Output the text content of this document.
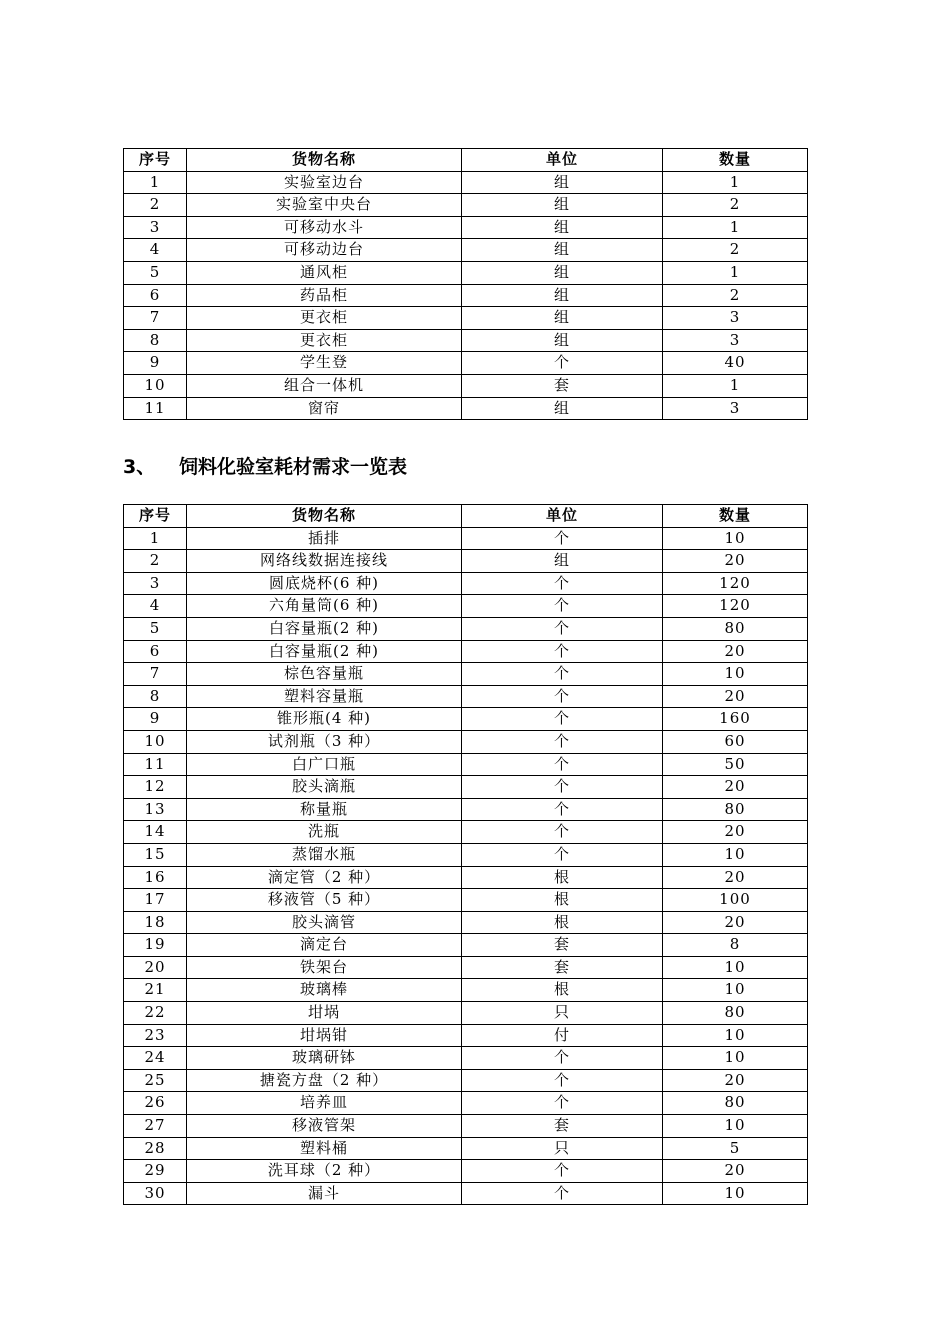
序号	货物名称	单位	数量
1	实验室边台	组	1
2	实验室中央台	组	2
3	可移动水斗	组	1
4	可移动边台	组	2
5	通风柜	组	1
6	药品柜	组	2
7	更衣柜	组	3
8	更衣柜	组	3
9	学生登	个	40
10	组合一体机	套	1
11	窗帘	组	3
3、 饲料化验室耗材需求一览表
序号	货物名称	单位	数量
1	插排	个	10
2	网络线数据连接线	组	20
3	圆底烧杯(6 种)	个	120
4	六角量筒(6 种)	个	120
5	白容量瓶(2 种)	个	80
6	白容量瓶(2 种)	个	20
7	棕色容量瓶	个	10
8	塑料容量瓶	个	20
9	锥形瓶(4 种)	个	160
10	试剂瓶（3 种）	个	60
11	白广口瓶	个	50
12	胶头滴瓶	个	20
13	称量瓶	个	80
14	洗瓶	个	20
15	蒸馏水瓶	个	10
16	滴定管（2 种）	根	20
17	移液管（5 种）	根	100
18	胶头滴管	根	20
19	滴定台	套	8
20	铁架台	套	10
21	玻璃棒	根	10
22	坩埚	只	80
23	坩埚钳	付	10
24	玻璃研钵	个	10
25	搪瓷方盘（2 种）	个	20
26	培养皿	个	80
27	移液管架	套	10
28	塑料桶	只	5
29	洗耳球（2 种）	个	20
30	漏斗	个	10
